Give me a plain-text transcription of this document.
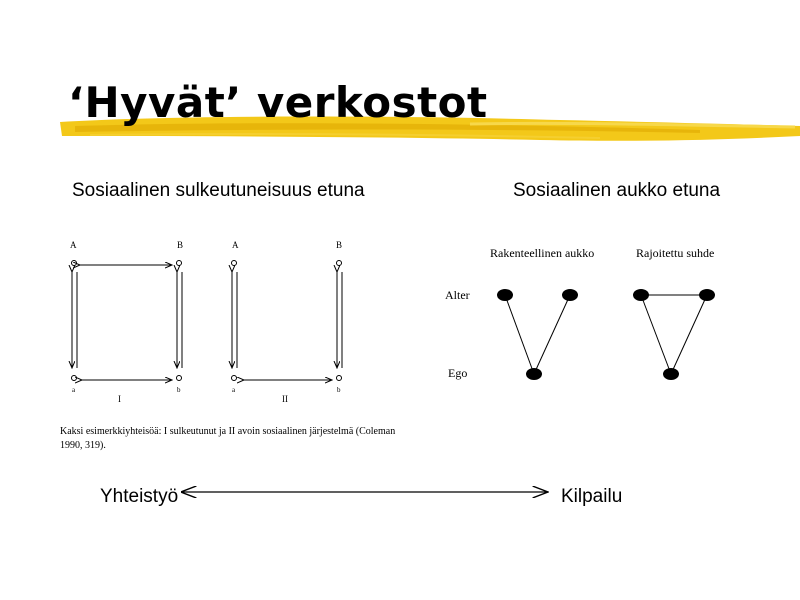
‘Hyvät’ verkostot
Sosiaalinen sulkeutuneisuus etuna	Sosiaalinen aukko etuna
a	b	a	b
A	B	A	B
I	II
Kaksi esimerkkiyhteisöä: I sulkeutunut ja II avoin sosiaalinen järjestelmä (Coleman 1990, 319).
Rakenteellinen aukko	Rajoitettu suhde
Alter
Ego
Yhteistyö	Kilpailu
